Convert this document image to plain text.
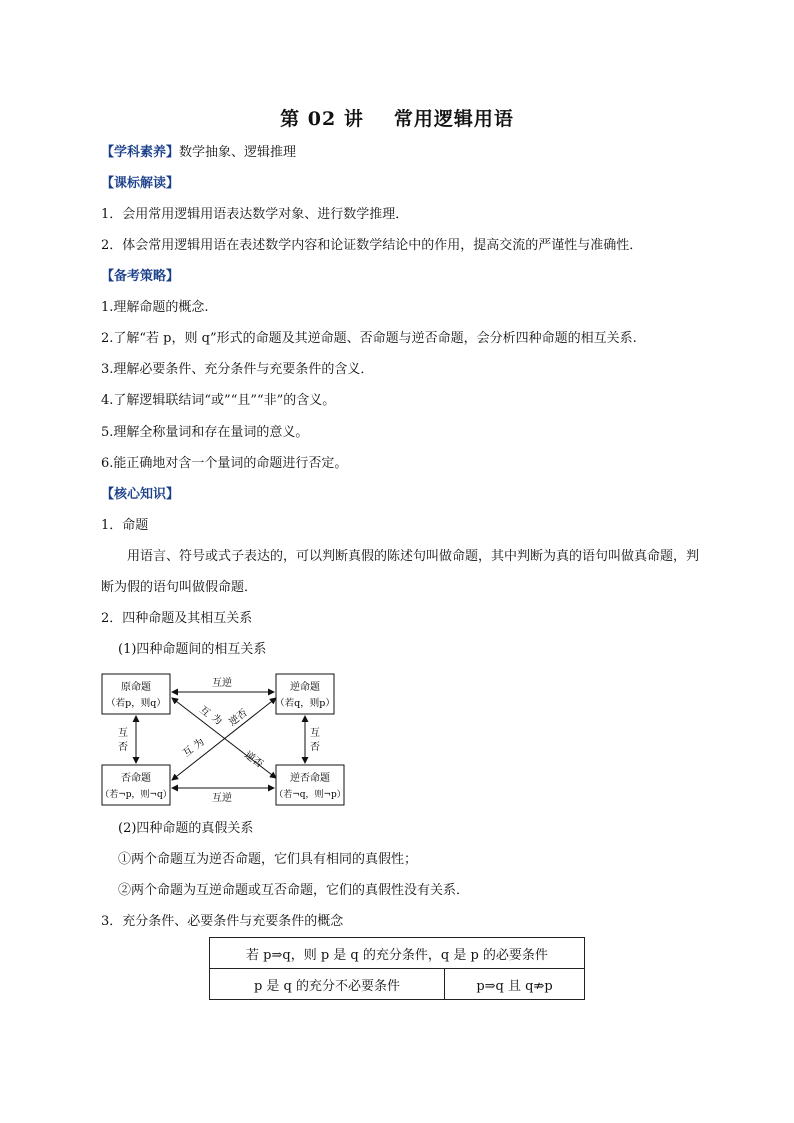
第 02 讲 常用逻辑用语
【学科素养】数学抽象、逻辑推理
【课标解读】
1．会用常用逻辑用语表达数学对象、进行数学推理．
2．体会常用逻辑用语在表述数学内容和论证数学结论中的作用，提高交流的严谨性与准确性．
【备考策略】
1.理解命题的概念.
2.了解“若 p，则 q”形式的命题及其逆命题、否命题与逆否命题，会分析四种命题的相互关系.
3.理解必要条件、充分条件与充要条件的含义．
4.了解逻辑联结词“或”“且”“非”的含义。
5.理解全称量词和存在量词的意义。
6.能正确地对含一个量词的命题进行否定。
【核心知识】
1．命题
用语言、符号或式子表达的，可以判断真假的陈述句叫做命题，其中判断为真的语句叫做真命题，判
断为假的语句叫做假命题．
2．四种命题及其相互关系
(1)四种命题间的相互关系
原命题
（若p，则q）
逆命题
（若q，则p）
否命题
（若¬p，则¬q）
逆否命题
（若¬q，则¬p）
互逆
互逆
互
否
互
否
互
为 逆否
互
为
逆否
(2)四种命题的真假关系
①两个命题互为逆否命题，它们具有相同的真假性；
②两个命题为互逆命题或互否命题，它们的真假性没有关系．
3．充分条件、必要条件与充要条件的概念
若 p⇒q，则 p 是 q 的充分条件，q 是 p 的必要条件
p 是 q 的充分不必要条件	p⇒q 且 q⇏p
